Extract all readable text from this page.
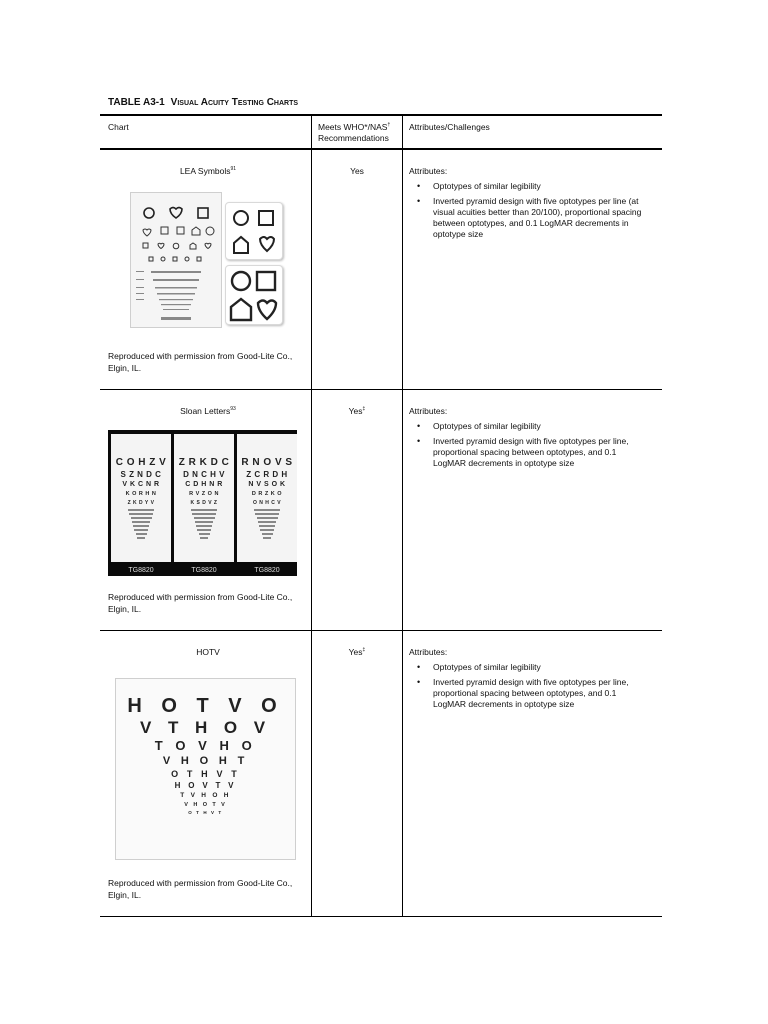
TABLE A3-1 Visual Acuity Testing Charts
Chart	Meets WHO*/NAS†
Recommendations
Attributes/Challenges
LEA Symbols$^{91}$	Yes	Attributes:
• Optotypes of similar legibility
• Inverted pyramid design with five optotypes per line (at visual acuities better than 20/100), proportional spacing between optotypes, and 0.1 LogMAR decrements in optotype size
Reproduced with permission from Good-Lite Co., Elgin, IL.
Sloan Letters$^{93}$	Yes‡	Attributes:
• Optotypes of similar legibility
• Inverted pyramid design with five optotypes per line, proportional spacing between optotypes, and 0.1 LogMAR decrements in optotype size
C O H Z V
S Z N D C
V K C N R
K O R H N
Z K D Y V
TG8820
Z R K D C
D N C H V
C D H N R
R V Z O N
K S D V Z
TG8820
R N O V S
Z C R D H
N V S O K
D R Z K O
O N H C V
TG8820
Reproduced with permission from Good-Lite Co., Elgin, IL.
HOTV	Yes‡	Attributes:
• Optotypes of similar legibility
• Inverted pyramid design with five optotypes per line, proportional spacing between optotypes, and 0.1 LogMAR decrements in optotype size
H O T V O
V T H O V
T O V H O
V H O H T
O T H V T
H O V T V
T V H O H
V H O T V
O T H V T
Reproduced with permission from Good-Lite Co., Elgin, IL.
